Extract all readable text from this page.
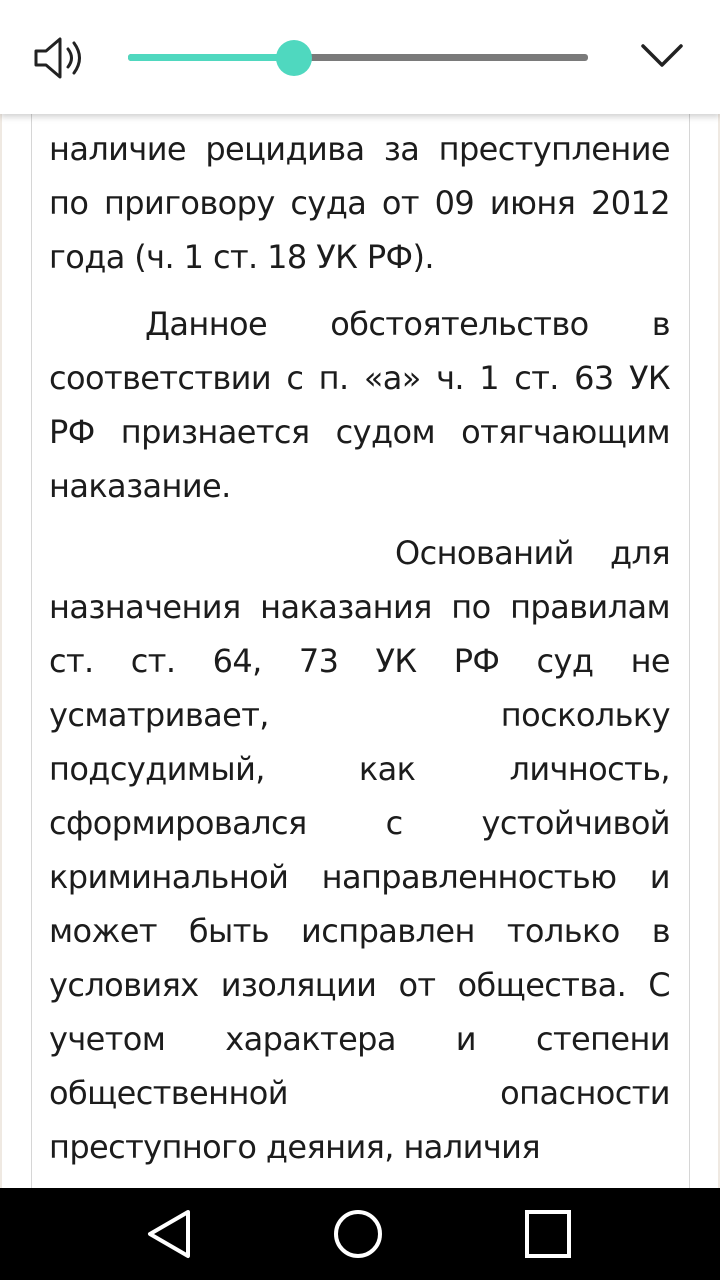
наличие рецидива за преступление по приговору суда от 09 июня 2012 года (ч. 1 ст. 18 УК РФ).

Данное обстоятельство в соответствии с п. «а» ч. 1 ст. 63 УК РФ признается судом отягчающим наказание.

Оснований для назначения наказания по правилам ст. ст. 64, 73 УК РФ суд не усматривает, поскольку подсудимый, как личность, сформировался с устойчивой криминальной направленностью и может быть исправлен только в условиях изоляции от общества. С учетом характера и степени общественной опасности преступного деяния, наличия
